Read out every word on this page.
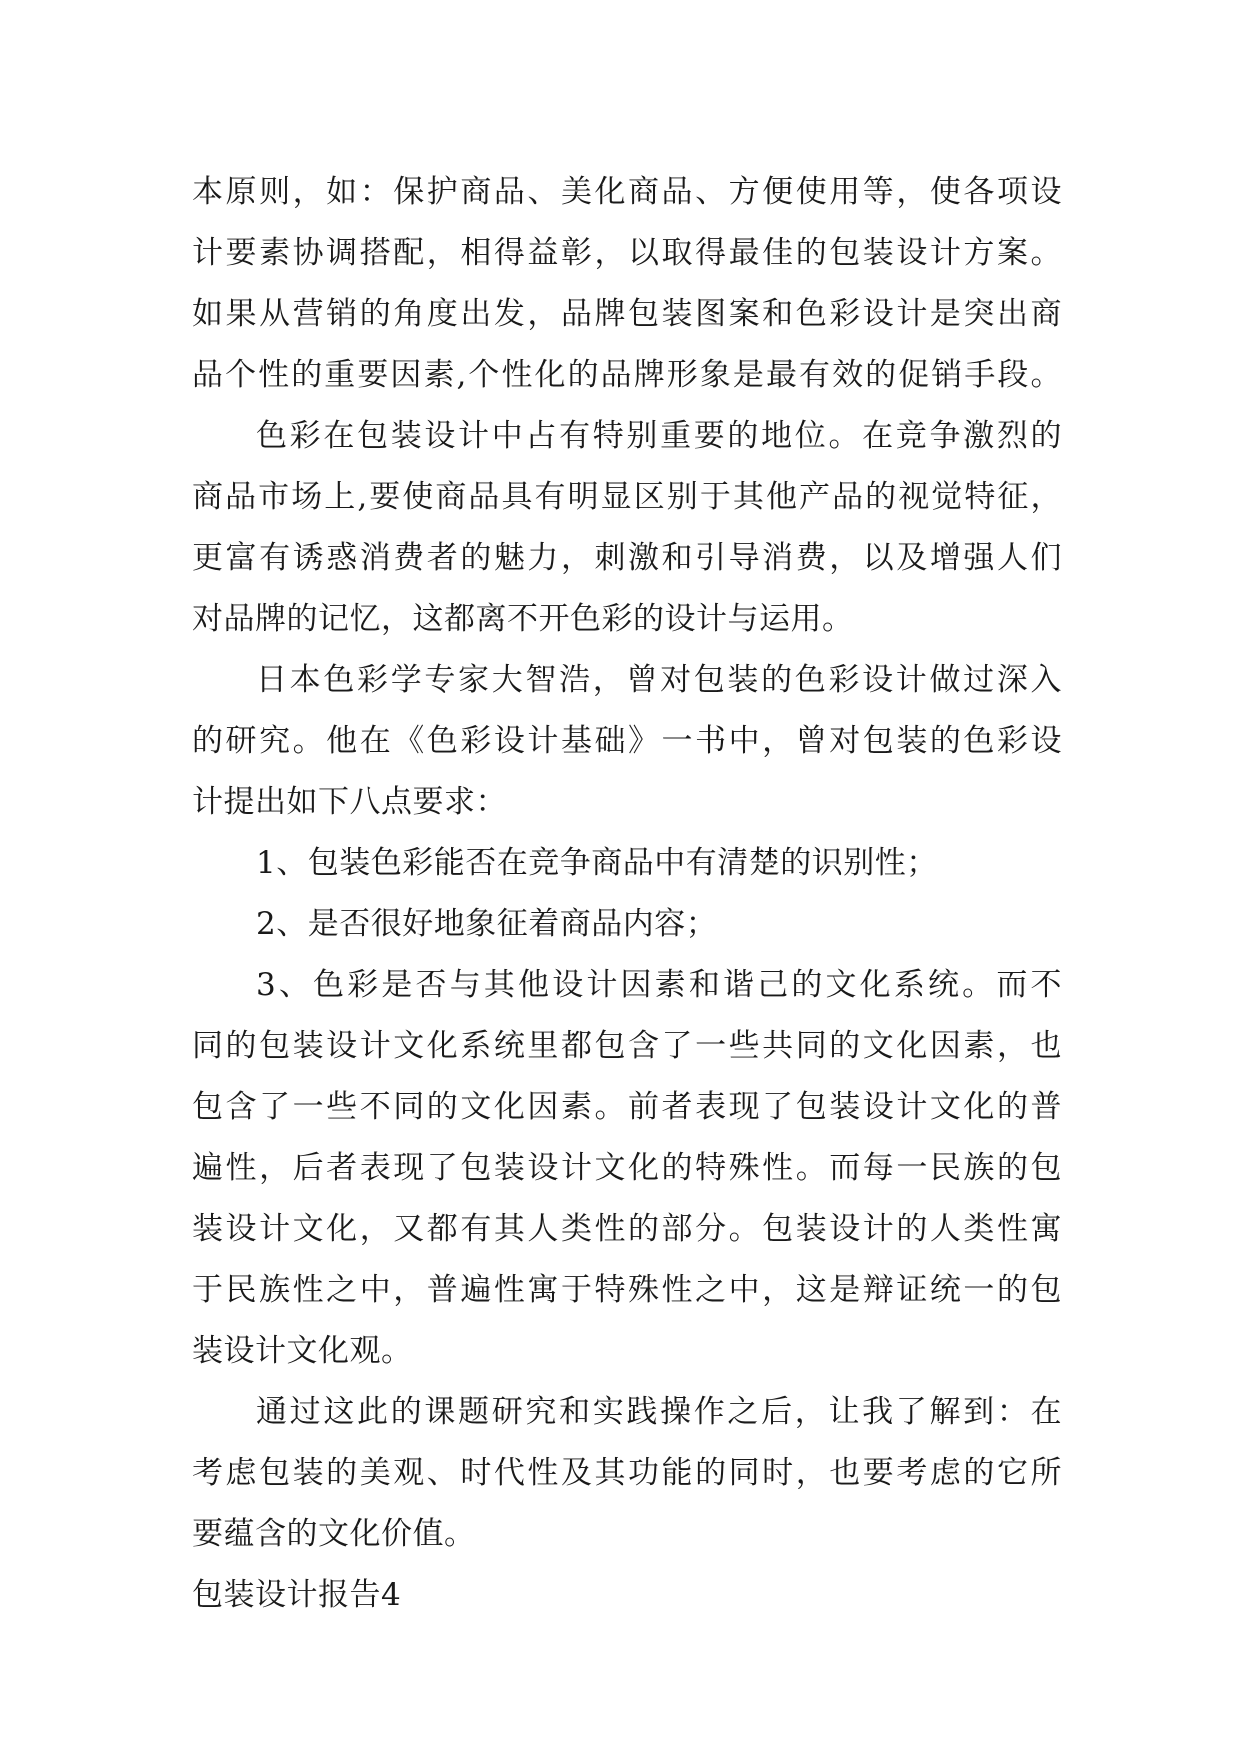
本原则，如：保护商品、美化商品、方便使用等，使各项设
计要素协调搭配，相得益彰，以取得最佳的包装设计方案。
如果从营销的角度出发，品牌包装图案和色彩设计是突出商
品个性的重要因素,个性化的品牌形象是最有效的促销手段。
色彩在包装设计中占有特别重要的地位。在竞争激烈的
商品市场上,要使商品具有明显区别于其他产品的视觉特征，
更富有诱惑消费者的魅力，刺激和引导消费，以及增强人们
对品牌的记忆，这都离不开色彩的设计与运用。
日本色彩学专家大智浩，曾对包装的色彩设计做过深入
的研究。他在《色彩设计基础》一书中，曾对包装的色彩设
计提出如下八点要求：
1、包装色彩能否在竞争商品中有清楚的识别性；
2、是否很好地象征着商品内容；
3、色彩是否与其他设计因素和谐己的文化系统。而不
同的包装设计文化系统里都包含了一些共同的文化因素，也
包含了一些不同的文化因素。前者表现了包装设计文化的普
遍性，后者表现了包装设计文化的特殊性。而每一民族的包
装设计文化，又都有其人类性的部分。包装设计的人类性寓
于民族性之中，普遍性寓于特殊性之中，这是辩证统一的包
装设计文化观。
通过这此的课题研究和实践操作之后，让我了解到：在
考虑包装的美观、时代性及其功能的同时，也要考虑的它所
要蕴含的文化价值。
包装设计报告4
